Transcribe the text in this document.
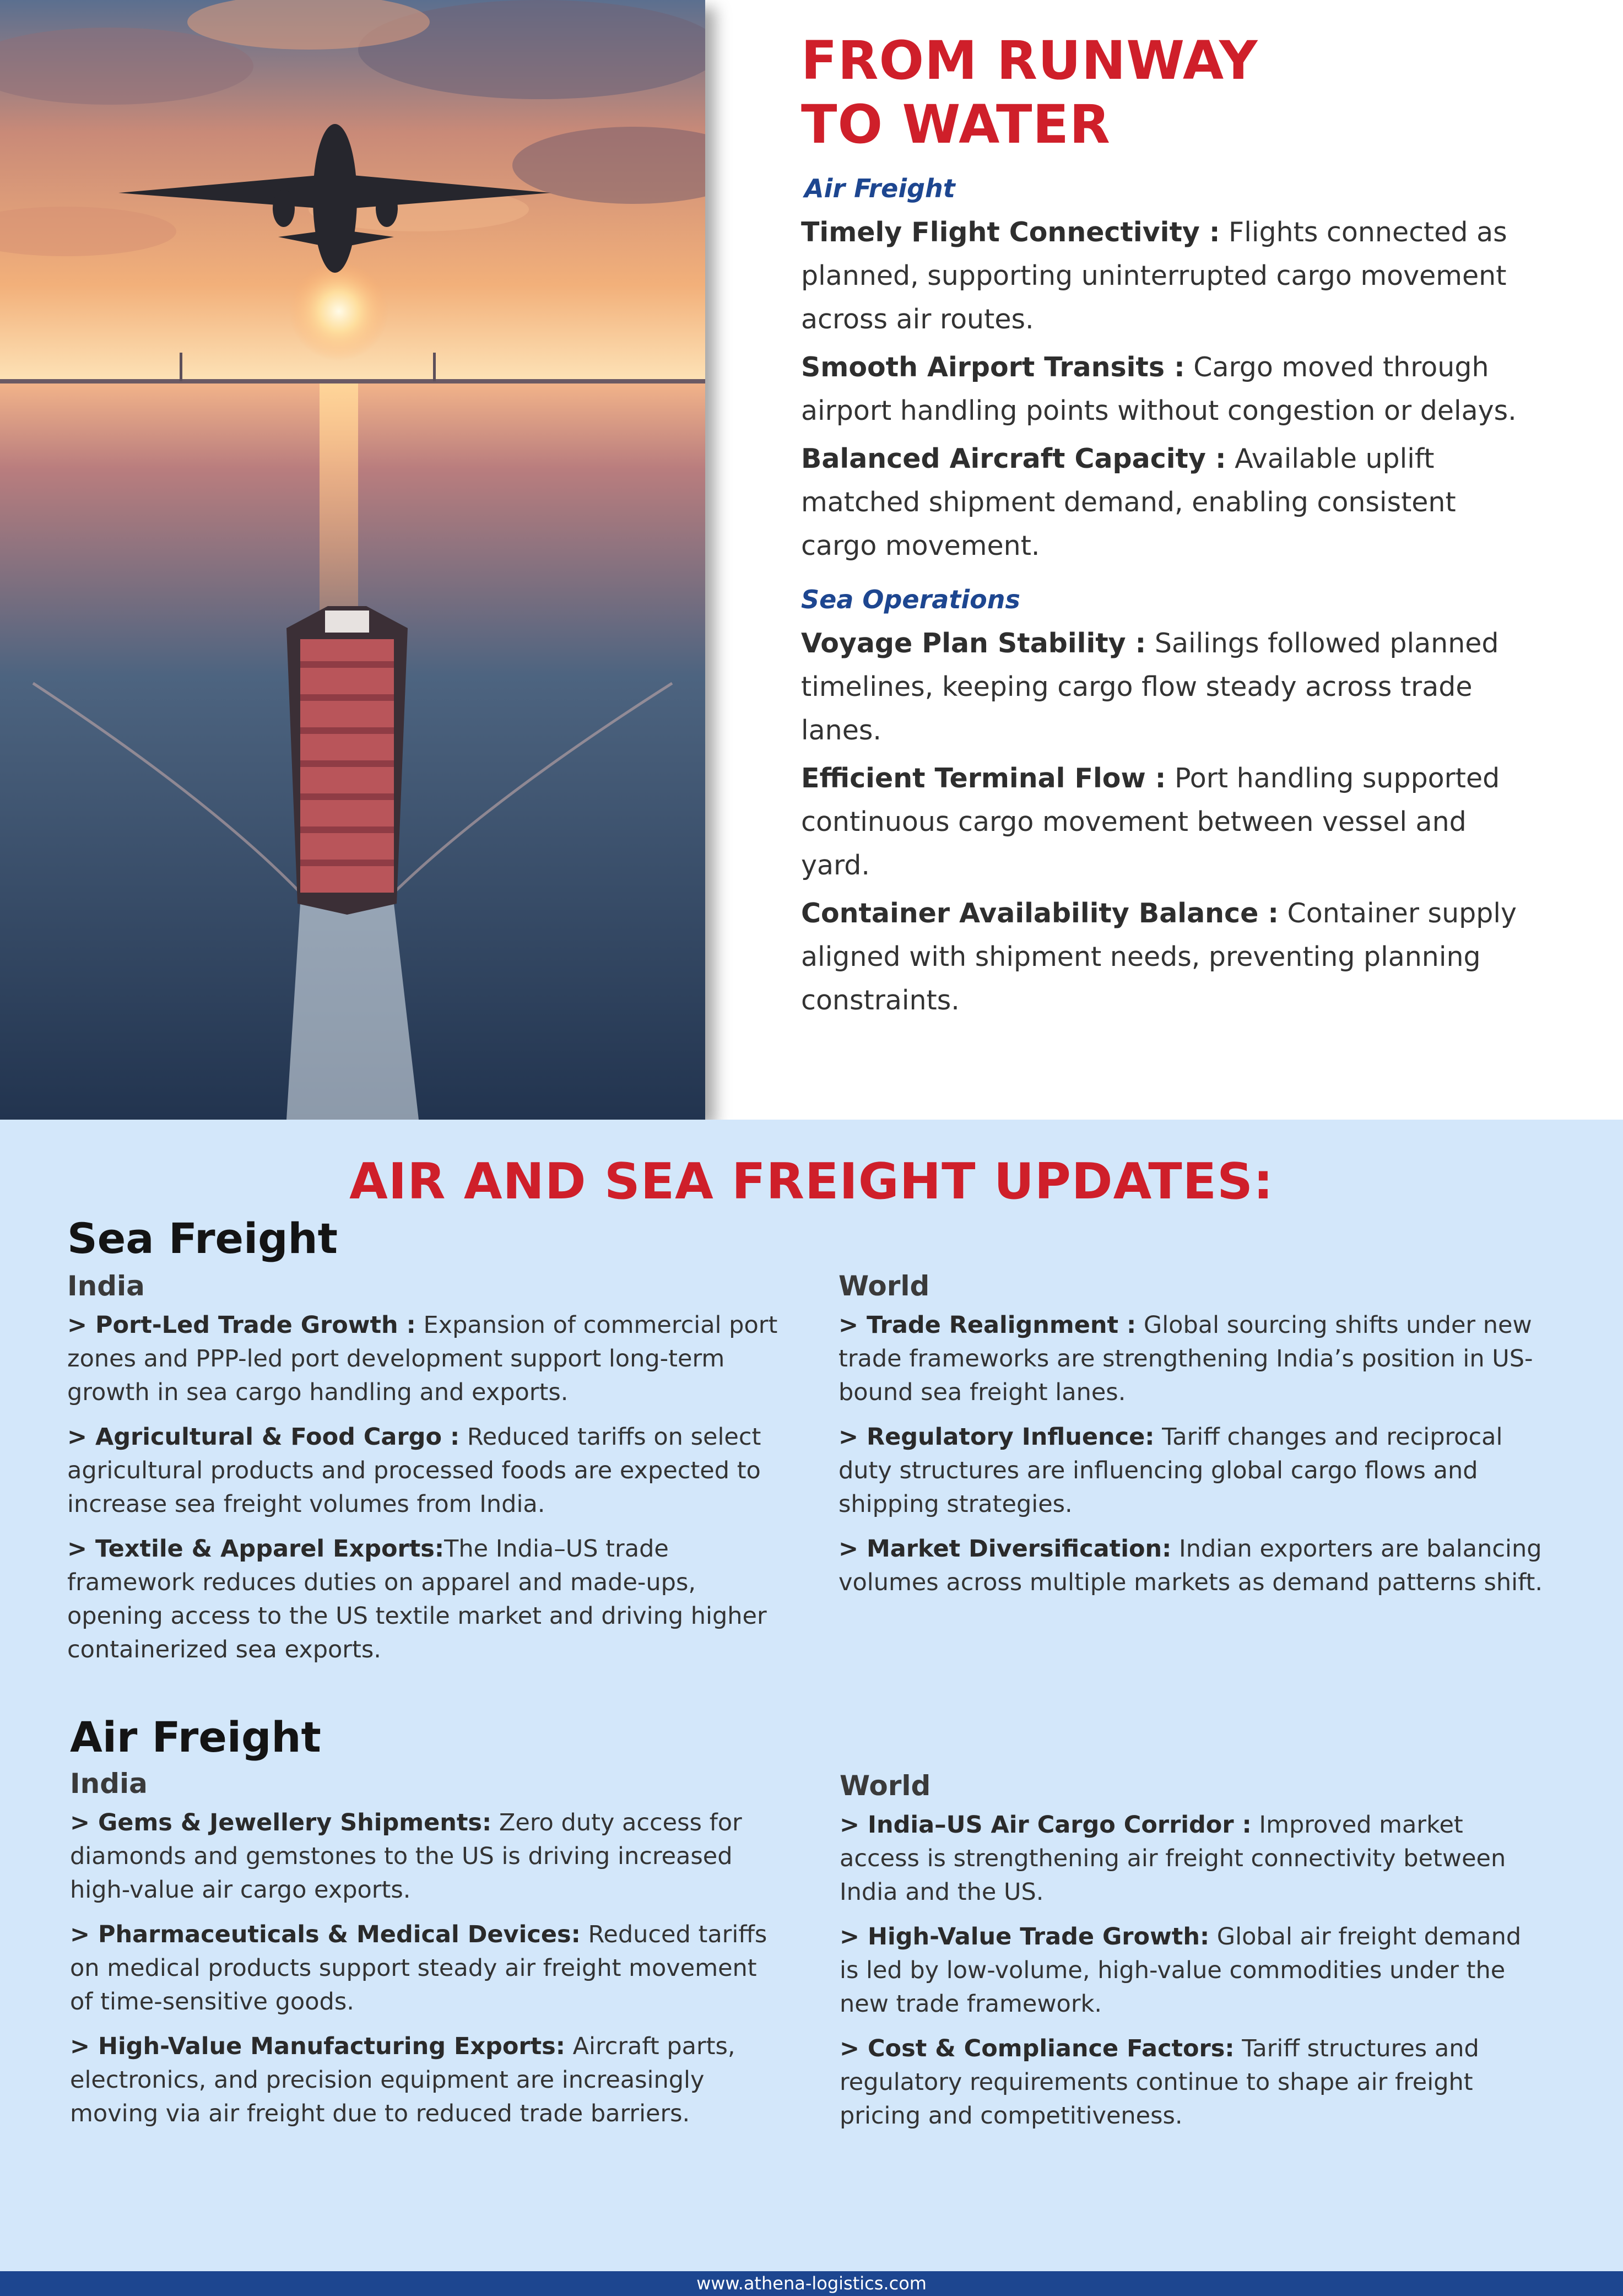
FROM RUNWAY
TO WATER
Air Freight

Timely Flight Connectivity : Flights connected as planned, supporting uninterrupted cargo movement across air routes.

Smooth Airport Transits : Cargo moved through airport handling points without congestion or delays.

Balanced Aircraft Capacity : Available uplift matched shipment demand, enabling consistent cargo movement.

Sea Operations

Voyage Plan Stability : Sailings followed planned timelines, keeping cargo flow steady across trade lanes.

Efficient Terminal Flow : Port handling supported continuous cargo movement between vessel and yard.

Container Availability Balance : Container supply aligned with shipment needs, preventing planning constraints.

AIR AND SEA FREIGHT UPDATES:
Sea Freight
India

> Port-Led Trade Growth : Expansion of commercial port zones and PPP-led port development support long-term growth in sea cargo handling and exports.

> Agricultural & Food Cargo : Reduced tariffs on select agricultural products and processed foods are expected to increase sea freight volumes from India.

> Textile & Apparel Exports:The India–US trade framework reduces duties on apparel and made-ups, opening access to the US textile market and driving higher containerized sea exports.

World

> Trade Realignment : Global sourcing shifts under new trade frameworks are strengthening India’s position in US-bound sea freight lanes.

> Regulatory Influence: Tariff changes and reciprocal duty structures are influencing global cargo flows and shipping strategies.

> Market Diversification: Indian exporters are balancing volumes across multiple markets as demand patterns shift.

Air Freight
India

> Gems & Jewellery Shipments: Zero duty access for diamonds and gemstones to the US is driving increased high-value air cargo exports.

> Pharmaceuticals & Medical Devices: Reduced tariffs on medical products support steady air freight movement of time-sensitive goods.

> High-Value Manufacturing Exports: Aircraft parts, electronics, and precision equipment are increasingly moving via air freight due to reduced trade barriers.

World

> India–US Air Cargo Corridor : Improved market access is strengthening air freight connectivity between India and the US.

> High-Value Trade Growth: Global air freight demand is led by low-volume, high-value commodities under the new trade framework.

> Cost & Compliance Factors: Tariff structures and regulatory requirements continue to shape air freight pricing and competitiveness.

www.athena-logistics.com
